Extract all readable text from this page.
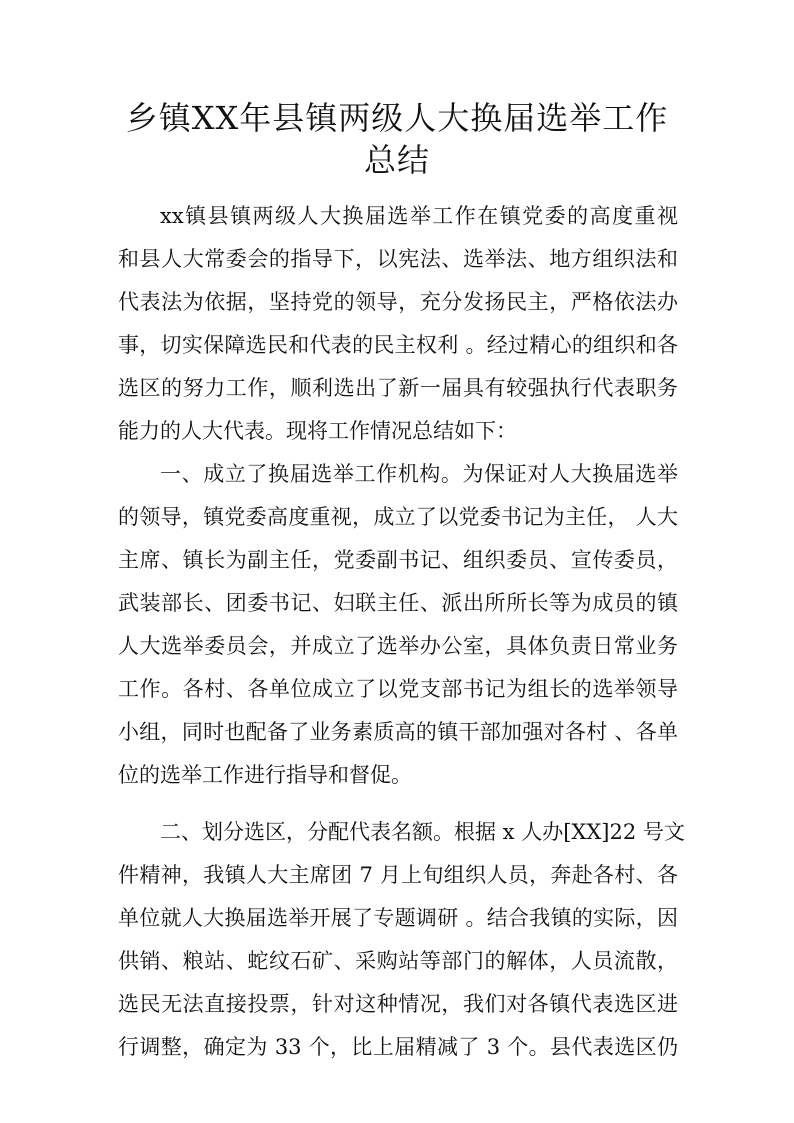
乡镇XX年县镇两级人大换届选举工作
总结

xx镇县镇两级人大换届选举工作在镇党委的高度重视

和县人大常委会的指导下，以宪法、选举法、地方组织法和

代表法为依据，坚持党的领导，充分发扬民主，严格依法办

事，切实保障选民和代表的民主权利 。经过精心的组织和各

选区的努力工作，顺利选出了新一届具有较强执行代表职务

能力的人大代表。现将工作情况总结如下：

一、成立了换届选举工作机构。为保证对人大换届选举

的领导，镇党委高度重视，成立了以党委书记为主任， 人大

主席、镇长为副主任，党委副书记、组织委员、宣传委员，

武装部长、团委书记、妇联主任、派出所所长等为成员的镇

人大选举委员会，并成立了选举办公室，具体负责日常业务

工作。各村、各单位成立了以党支部书记为组长的选举领导

小组，同时也配备了业务素质高的镇干部加强对各村 、各单

位的选举工作进行指导和督促。

二、划分选区，分配代表名额。根据 x 人办[XX]22 号文

件精神，我镇人大主席团 7 月上旬组织人员，奔赴各村、各

单位就人大换届选举开展了专题调研 。结合我镇的实际，因

供销、粮站、蛇纹石矿、采购站等部门的解体，人员流散，

选民无法直接投票，针对这种情况，我们对各镇代表选区进

行调整，确定为 33 个，比上届精减了 3 个。县代表选区仍
